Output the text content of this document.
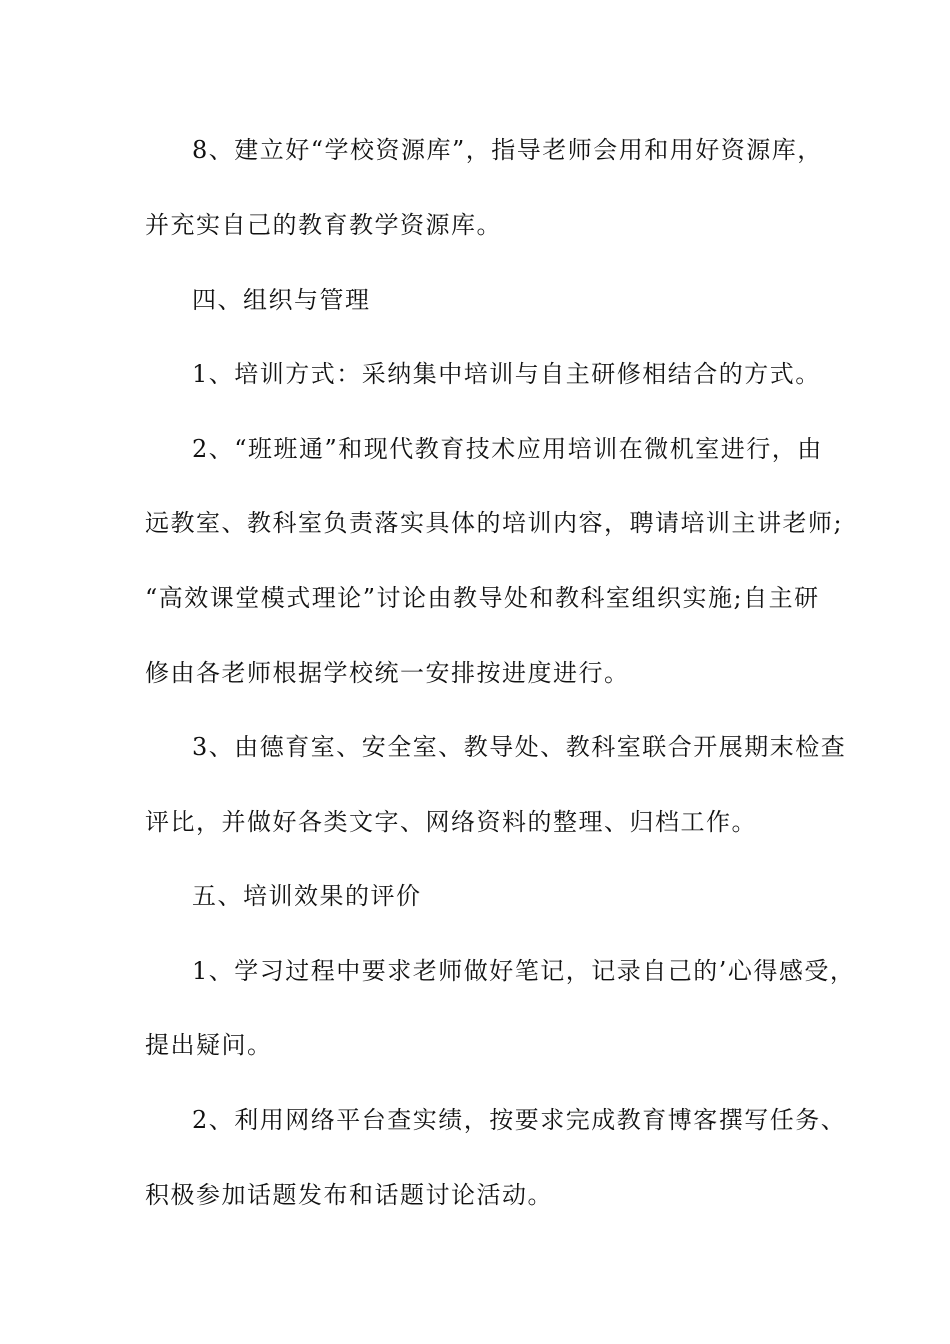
8、建立好“学校资源库”，指导老师会用和用好资源库，

并充实自己的教育教学资源库。

四、组织与管理

1、培训方式：采纳集中培训与自主研修相结合的方式。

2、“班班通”和现代教育技术应用培训在微机室进行，由

远教室、教科室负责落实具体的培训内容，聘请培训主讲老师;

“高效课堂模式理论”讨论由教导处和教科室组织实施;自主研

修由各老师根据学校统一安排按进度进行。

3、由德育室、安全室、教导处、教科室联合开展期末检查

评比，并做好各类文字、网络资料的整理、归档工作。

五、培训效果的评价

1、学习过程中要求老师做好笔记，记录自己的’心得感受，

提出疑问。

2、利用网络平台查实绩，按要求完成教育博客撰写任务、

积极参加话题发布和话题讨论活动。
